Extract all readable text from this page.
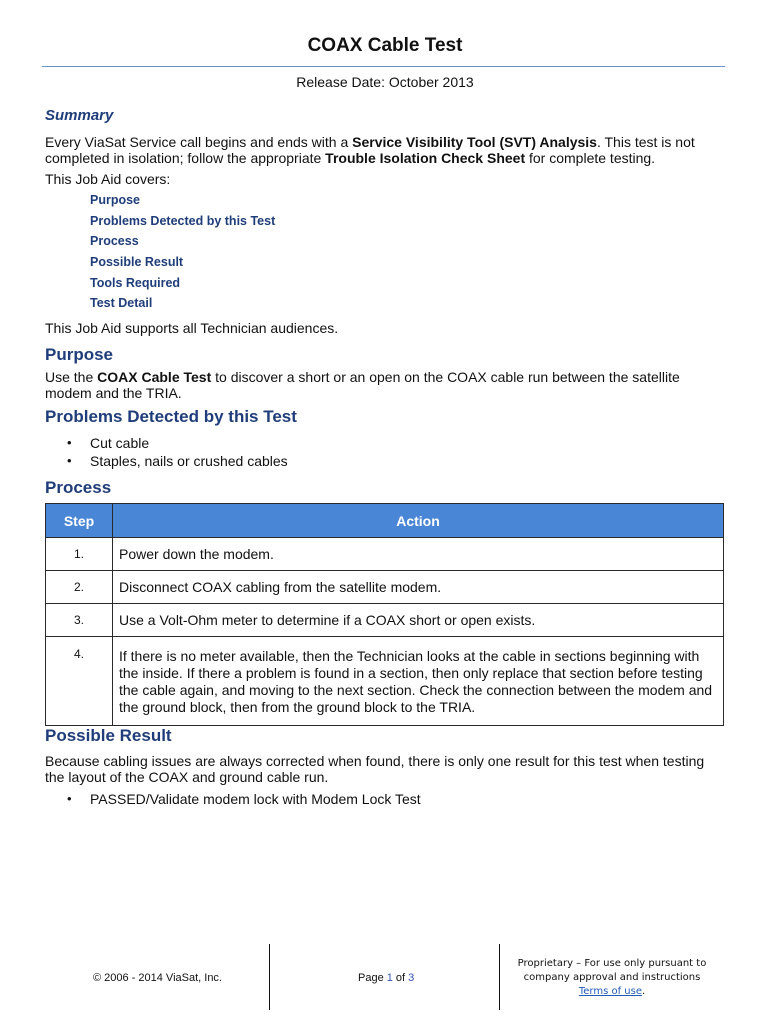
COAX Cable Test
Release Date: October 2013
Summary
Every ViaSat Service call begins and ends with a Service Visibility Tool (SVT) Analysis. This test is not completed in isolation; follow the appropriate Trouble Isolation Check Sheet for complete testing.
This Job Aid covers:
Purpose
Problems Detected by this Test
Process
Possible Result
Tools Required
Test Detail
This Job Aid supports all Technician audiences.
Purpose
Use the COAX Cable Test to discover a short or an open on the COAX cable run between the satellite modem and the TRIA.
Problems Detected by this Test
• Cut cable
• Staples, nails or crushed cables
Process
Step	Action
1.	Power down the modem.
2.	Disconnect COAX cabling from the satellite modem.
3.	Use a Volt-Ohm meter to determine if a COAX short or open exists.
4.	If there is no meter available, then the Technician looks at the cable in sections beginning with the inside. If there a problem is found in a section, then only replace that section before testing the cable again, and moving to the next section. Check the connection between the modem and the ground block, then from the ground block to the TRIA.
Possible Result
Because cabling issues are always corrected when found, there is only one result for this test when testing the layout of the COAX and ground cable run.
• PASSED/Validate modem lock with Modem Lock Test
© 2006 - 2014 ViaSat, Inc.	Page 1 of 3
Proprietary – For use only pursuant to company approval and instructions
Terms of use.
